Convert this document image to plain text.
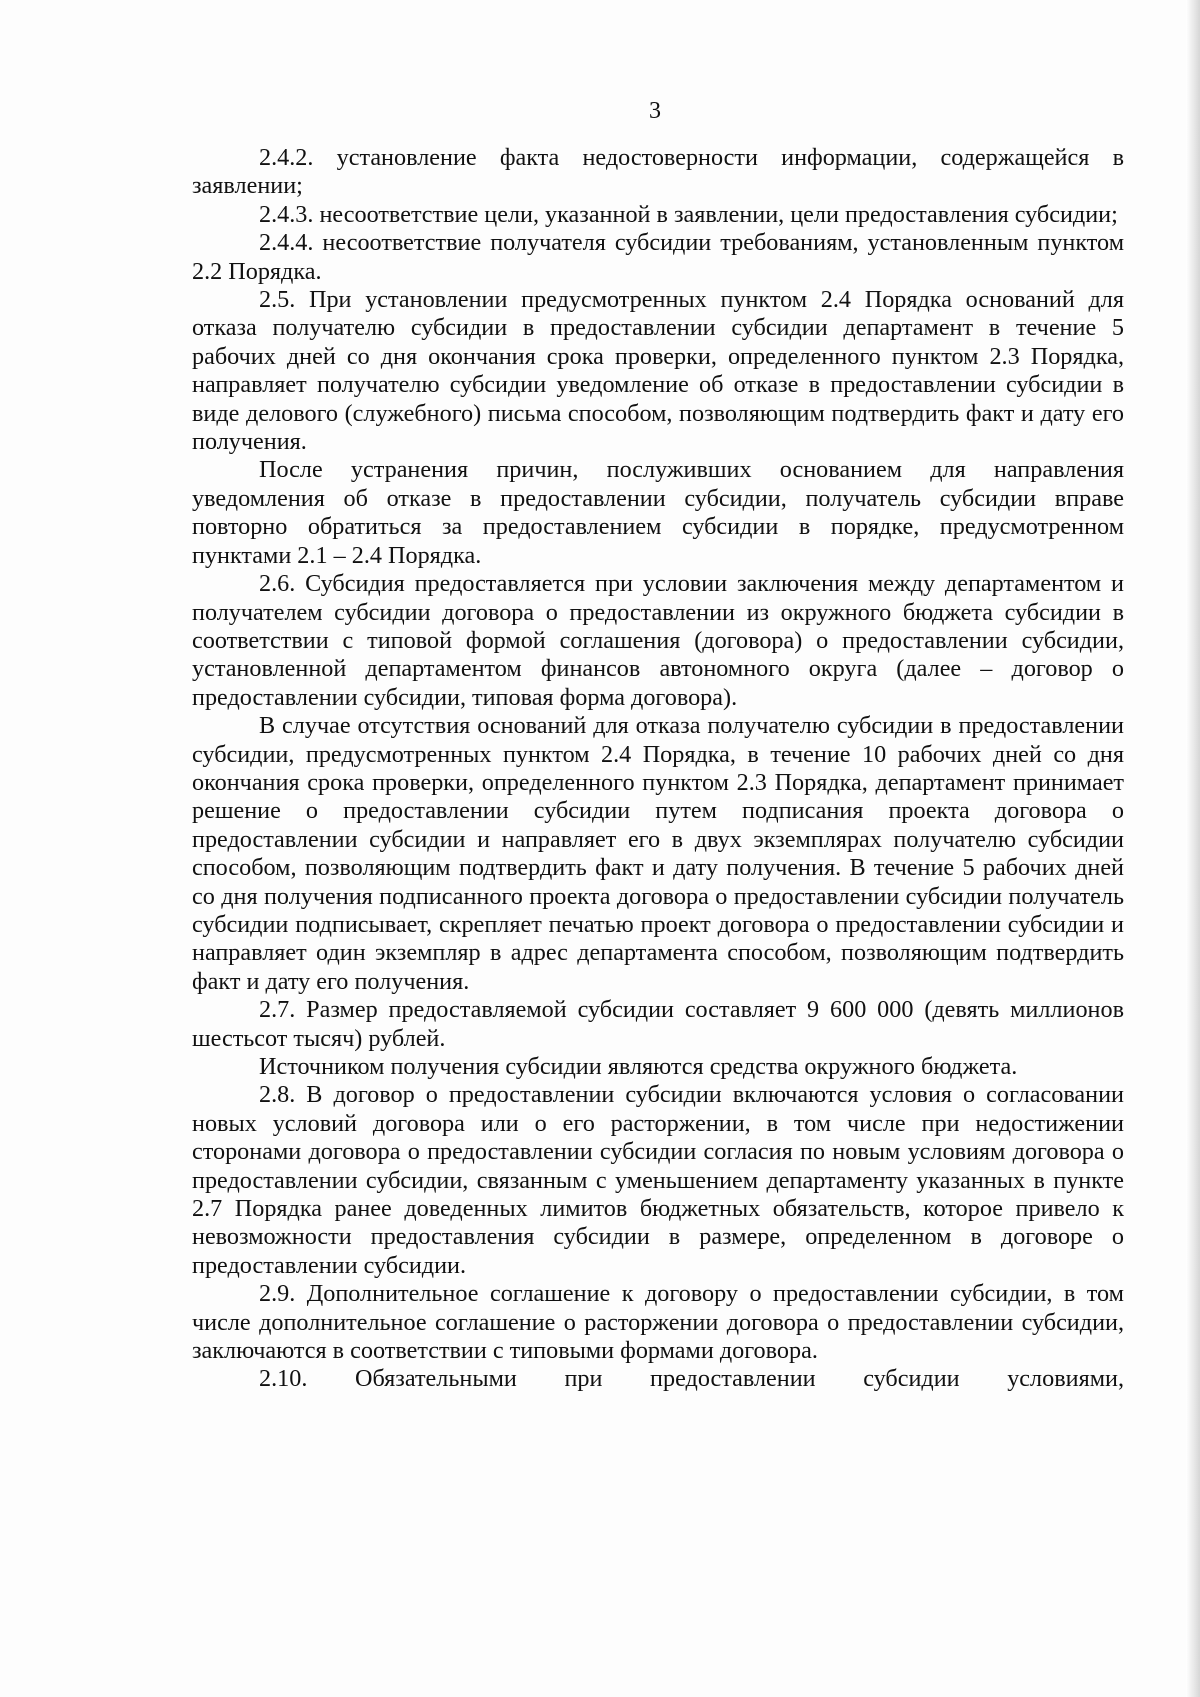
3

2.4.2. установление факта недостоверности информации, содержащейся в заявлении;

2.4.3. несоответствие цели, указанной в заявлении, цели предоставления субсидии;

2.4.4. несоответствие получателя субсидии требованиям, установленным пунктом 2.2 Порядка.

2.5. При установлении предусмотренных пунктом 2.4 Порядка оснований для отказа получателю субсидии в предоставлении субсидии департамент в течение 5 рабочих дней со дня окончания срока проверки, определенного пунктом 2.3 Порядка, направляет получателю субсидии уведомление об отказе в предоставлении субсидии в виде делового (служебного) письма способом, позволяющим подтвердить факт и дату его получения.

После устранения причин, послуживших основанием для направления уведомления об отказе в предоставлении субсидии, получатель субсидии вправе повторно обратиться за предоставлением субсидии в порядке, предусмотренном пунктами 2.1 – 2.4 Порядка.

2.6. Субсидия предоставляется при условии заключения между департаментом и получателем субсидии договора о предоставлении из окружного бюджета субсидии в соответствии с типовой формой соглашения (договора) о предоставлении субсидии, установленной департаментом финансов автономного округа (далее – договор о предоставлении субсидии, типовая форма договора).

В случае отсутствия оснований для отказа получателю субсидии в предоставлении субсидии, предусмотренных пунктом 2.4 Порядка, в течение 10 рабочих дней со дня окончания срока проверки, определенного пунктом 2.3 Порядка, департамент принимает решение о предоставлении субсидии путем подписания проекта договора о предоставлении субсидии и направляет его в двух экземплярах получателю субсидии способом, позволяющим подтвердить факт и дату получения. В течение 5 рабочих дней со дня получения подписанного проекта договора о предоставлении субсидии получатель субсидии подписывает, скрепляет печатью проект договора о предоставлении субсидии и направляет один экземпляр в адрес департамента способом, позволяющим подтвердить факт и дату его получения.

2.7. Размер предоставляемой субсидии составляет 9 600 000 (девять миллионов шестьсот тысяч) рублей.

Источником получения субсидии являются средства окружного бюджета.

2.8. В договор о предоставлении субсидии включаются условия о согласовании новых условий договора или о его расторжении, в том числе при недостижении сторонами договора о предоставлении субсидии согласия по новым условиям договора о предоставлении субсидии, связанным с уменьшением департаменту указанных в пункте 2.7 Порядка ранее доведенных лимитов бюджетных обязательств, которое привело к невозможности предоставления субсидии в размере, определенном в договоре о предоставлении субсидии.

2.9. Дополнительное соглашение к договору о предоставлении субсидии, в том числе дополнительное соглашение о расторжении договора о предоставлении субсидии, заключаются в соответствии с типовыми формами договора.

2.10. Обязательными при предоставлении субсидии условиями,
